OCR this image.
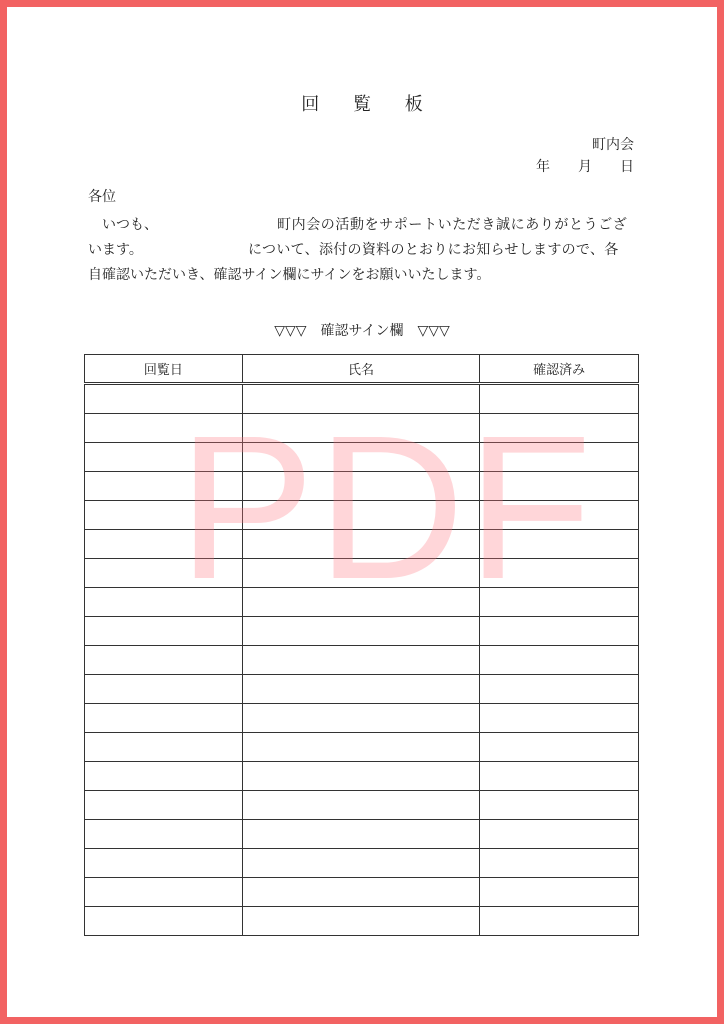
回 覧 板
町内会
年　　月　　日
各位
いつも、	町内会の活動をサポートいただき誠にありがとうござ
います。	について、添付の資料のとおりにお知らせしますので、各
自確認いただいき、確認サイン欄にサインをお願いいたします。
▽▽▽　確認サイン欄　▽▽▽
回覧日	氏名	確認済み

PDF
